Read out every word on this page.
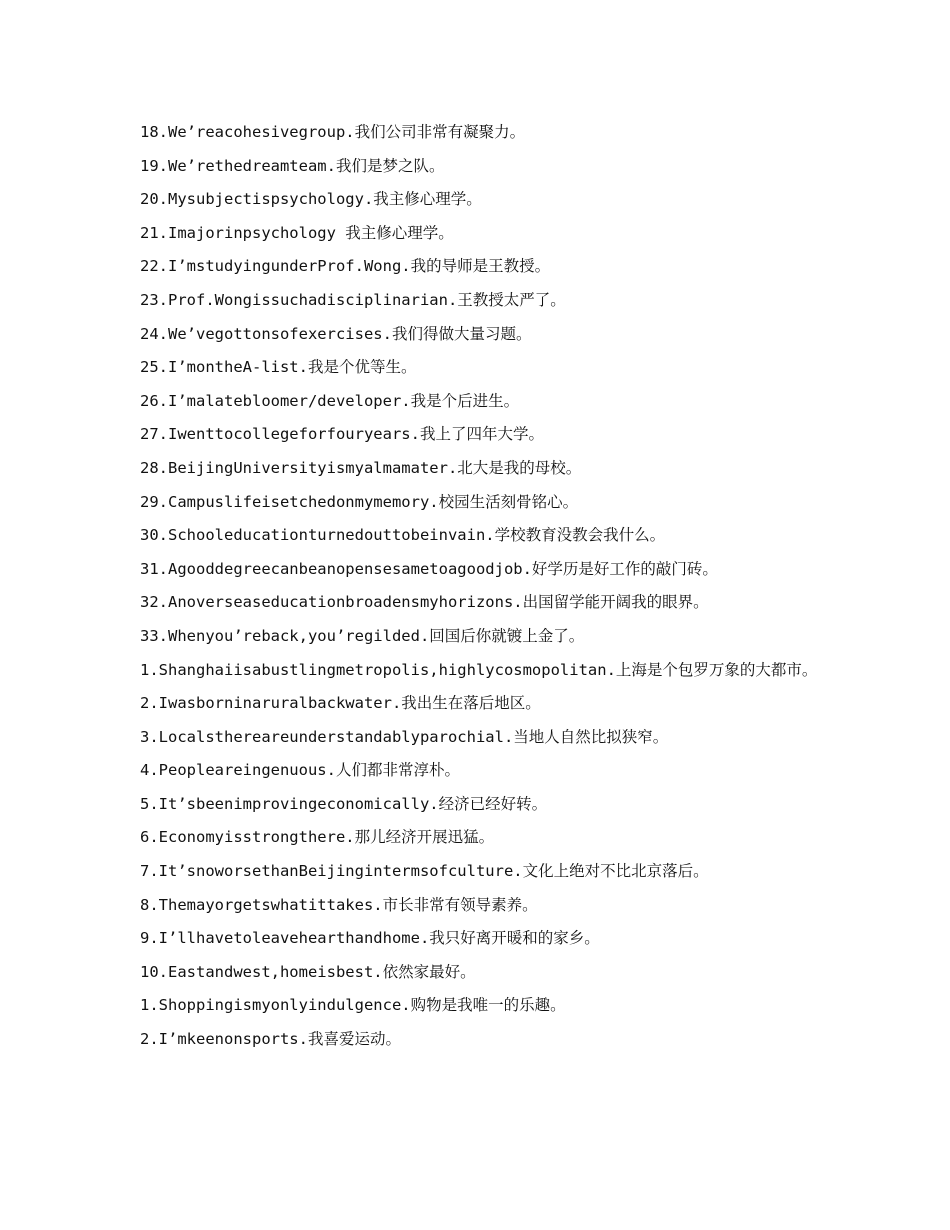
18.We’reacohesivegroup.我们公司非常有凝聚力。
19.We’rethedreamteam.我们是梦之队。
20.Mysubjectispsychology.我主修心理学。
21.Imajorinpsychology 我主修心理学。
22.I’mstudyingunderProf.Wong.我的导师是王教授。
23.Prof.Wongissuchadisciplinarian.王教授太严了。
24.We’vegottonsofexercises.我们得做大量习题。
25.I’montheA-list.我是个优等生。
26.I’malatebloomer/developer.我是个后进生。
27.Iwenttocollegeforfouryears.我上了四年大学。
28.BeijingUniversityismyalmamater.北大是我的母校。
29.Campuslifeisetchedonmymemory.校园生活刻骨铭心。
30.Schooleducationturnedouttobeinvain.学校教育没教会我什么。
31.Agooddegreecanbeanopensesametoagoodjob.好学历是好工作的敲门砖。
32.Anoverseaseducationbroadensmyhorizons.出国留学能开阔我的眼界。
33.Whenyou’reback,you’regilded.回国后你就镀上金了。
1.Shanghaiisabustlingmetropolis,highlycosmopolitan.上海是个包罗万象的大都市。
2.Iwasborninaruralbackwater.我出生在落后地区。
3.Localsthereareunderstandablyparochial.当地人自然比拟狭窄。
4.Peopleareingenuous.人们都非常淳朴。
5.It’sbeenimprovingeconomically.经济已经好转。
6.Economyisstrongthere.那儿经济开展迅猛。
7.It’snoworsethanBeijingintermsofculture.文化上绝对不比北京落后。
8.Themayorgetswhatittakes.市长非常有领导素养。
9.I’llhavetoleavehearthandhome.我只好离开暖和的家乡。
10.Eastandwest,homeisbest.依然家最好。
1.Shoppingismyonlyindulgence.购物是我唯一的乐趣。
2.I’mkeenonsports.我喜爱运动。
